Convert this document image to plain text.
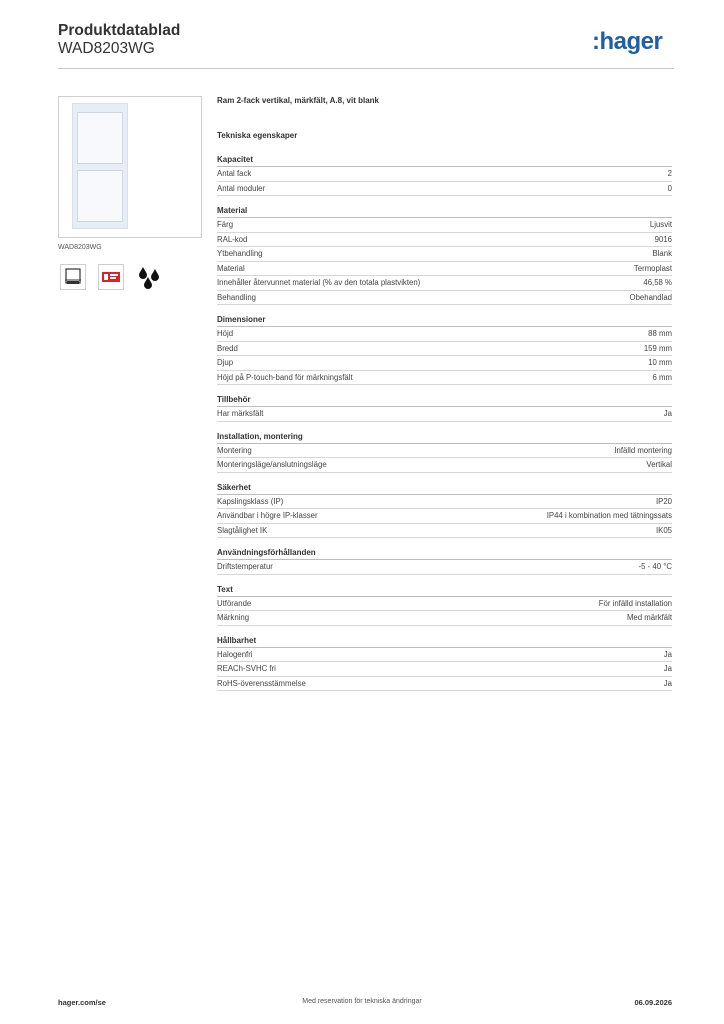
Produktdatablad
WAD8203WG	:hager
WAD8203WG
Ram 2-fack vertikal, märkfält, A.8, vit blank
Tekniska egenskaper
Kapacitet
Antal fack	2
Antal moduler	0
Material
Färg	Ljusvit
RAL-kod	9016
Ytbehandling	Blank
Material	Termoplast
Innehåller återvunnet material (% av den totala plastvikten)	46,58 %
Behandling	Obehandlad
Dimensioner
Höjd	88 mm
Bredd	159 mm
Djup	10 mm
Höjd på P-touch-band för märkningsfält	6 mm
Tillbehör
Har märksfält	Ja
Installation, montering
Montering	Infälld montering
Monteringsläge/anslutningsläge	Vertikal
Säkerhet
Kapslingsklass (IP)	IP20
Användbar i högre IP-klasser	IP44 i kombination med tätningssats
Slagtålighet IK	IK05
Användningsförhållanden
Driftstemperatur	-5 - 40 °C
Text
Utförande	För infälld installation
Märkning	Med märkfält
Hållbarhet
Halogenfri	Ja
REACh-SVHC fri	Ja
RoHS-överensstämmelse	Ja
hager.com/se	Med reservation för tekniska ändringar	06.09.2026
